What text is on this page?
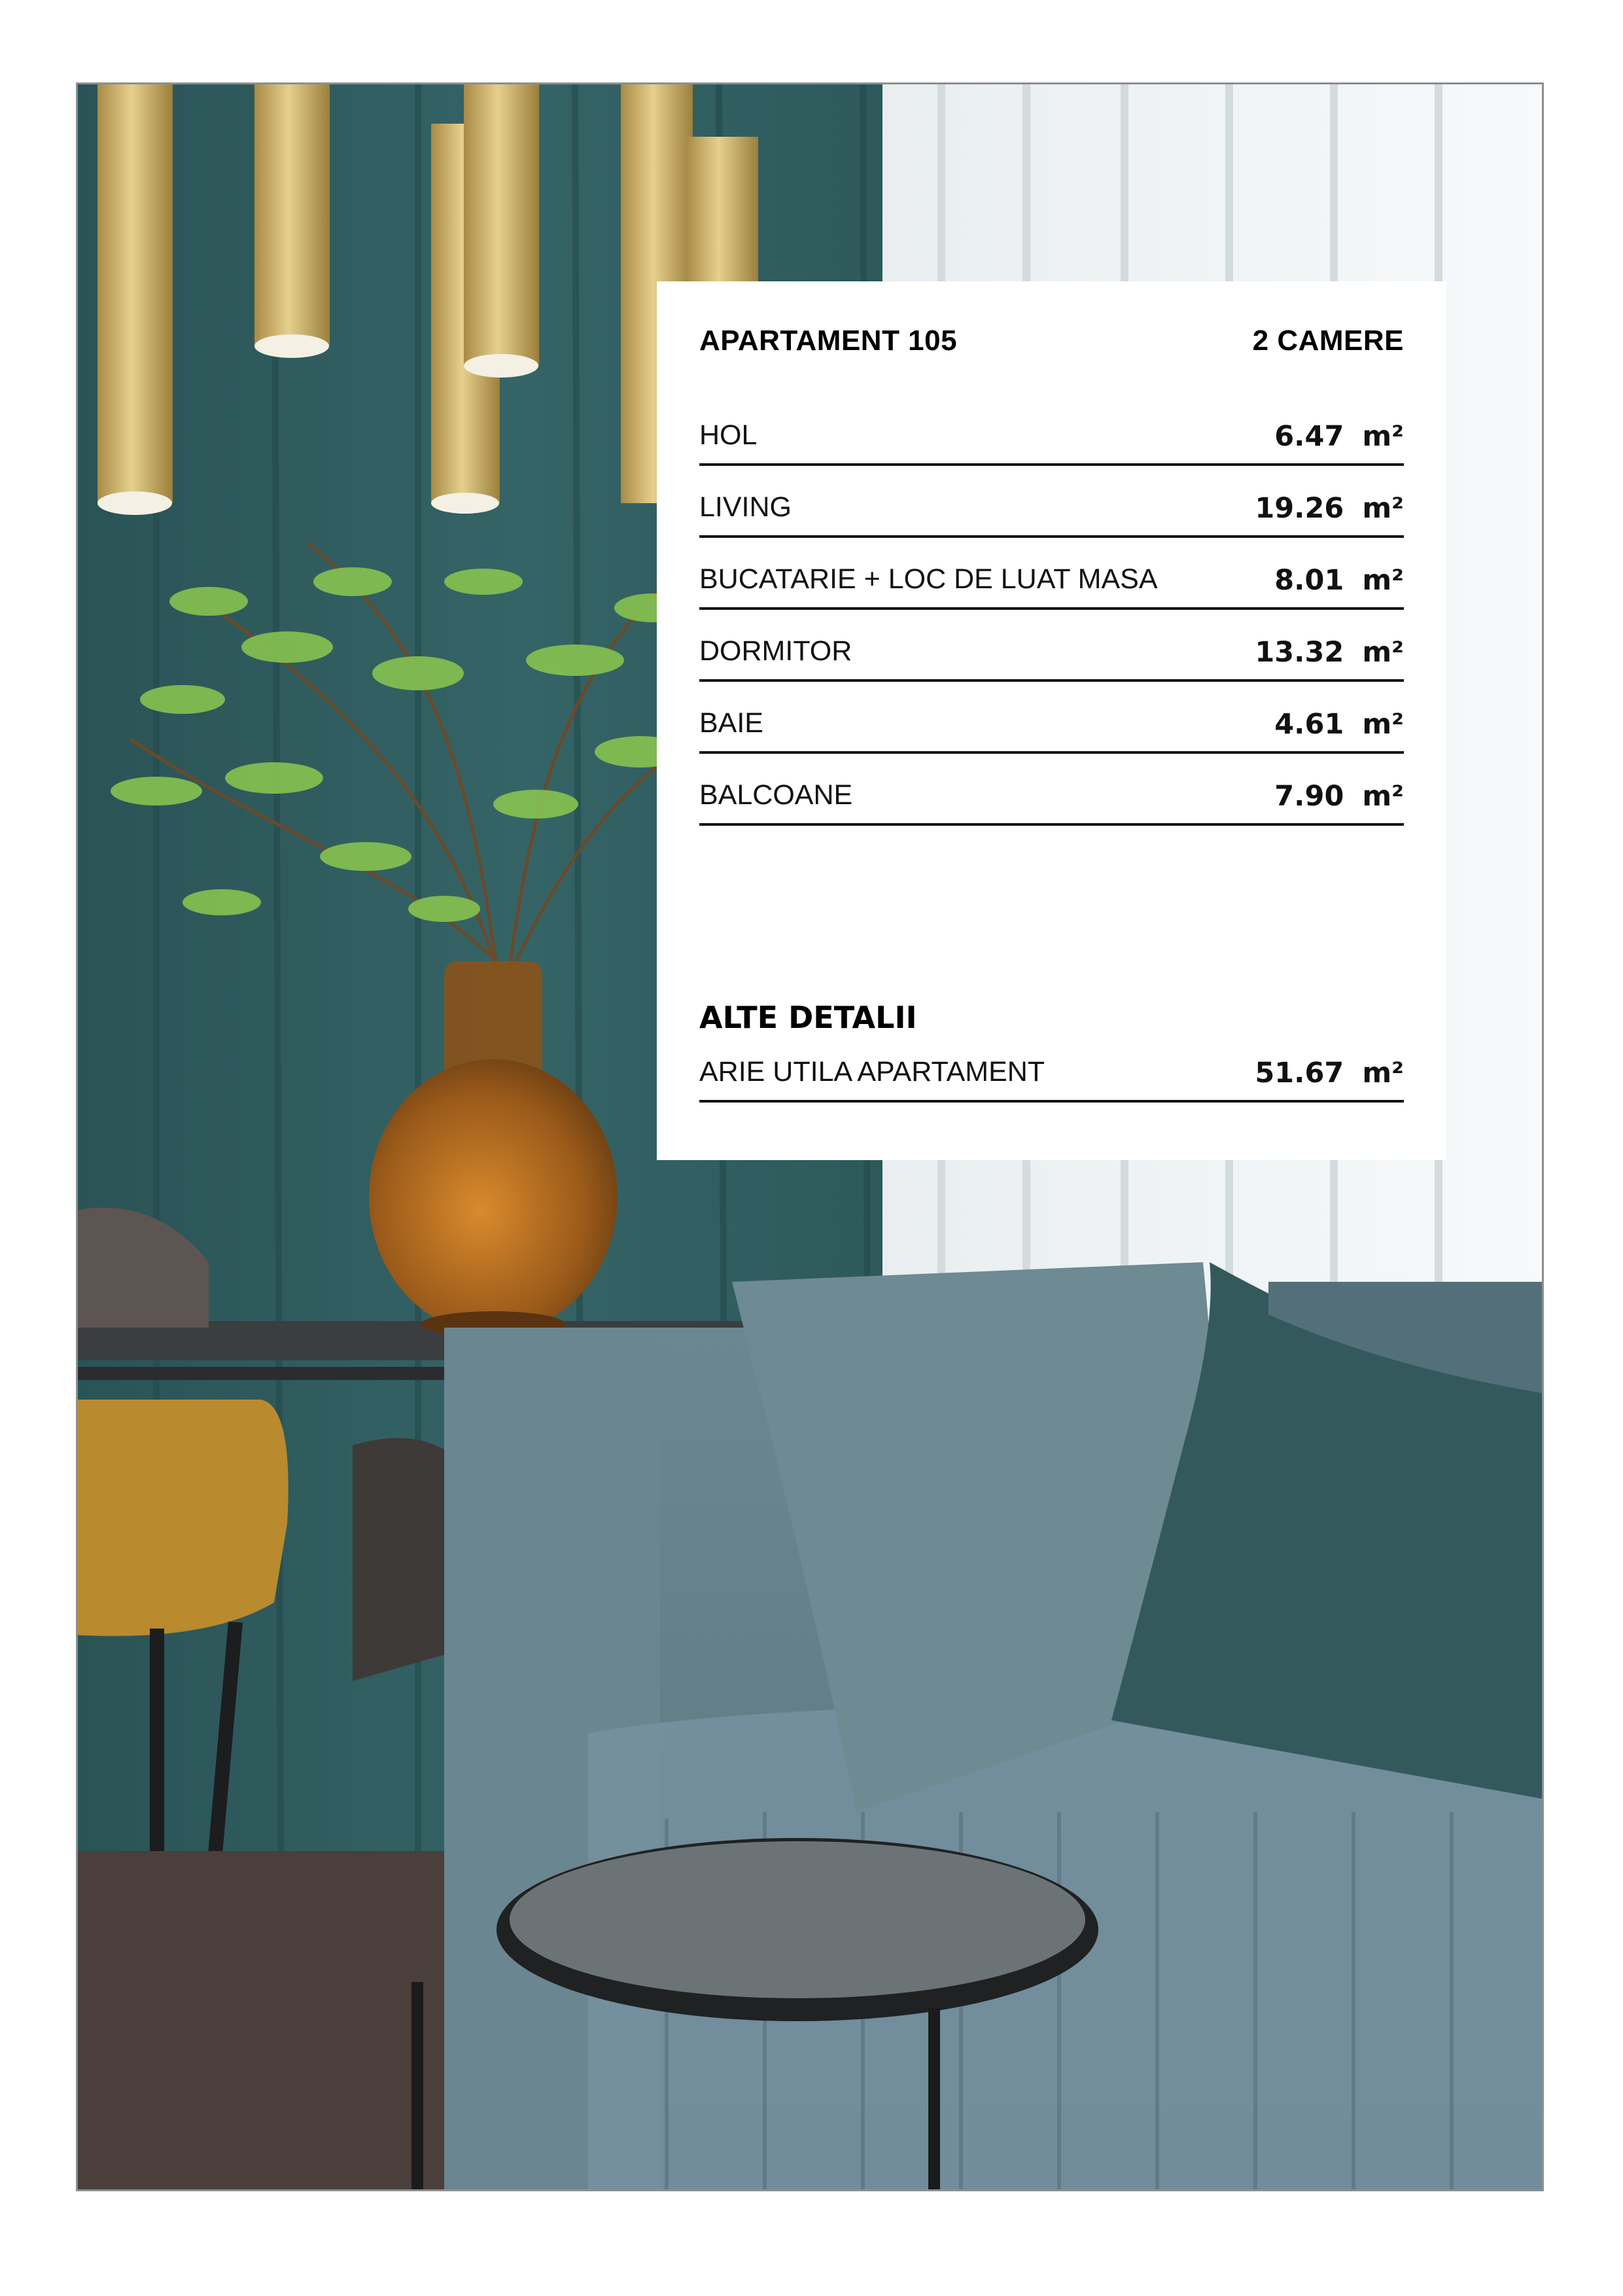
APARTAMENT 105	2 CAMERE
HOL	6.47 m²
LIVING	19.26 m²
BUCATARIE + LOC DE LUAT MASA	8.01 m²
DORMITOR	13.32 m²
BAIE	4.61 m²
BALCOANE	7.90 m²
ALTE DETALII
ARIE UTILA APARTAMENT	51.67 m²
